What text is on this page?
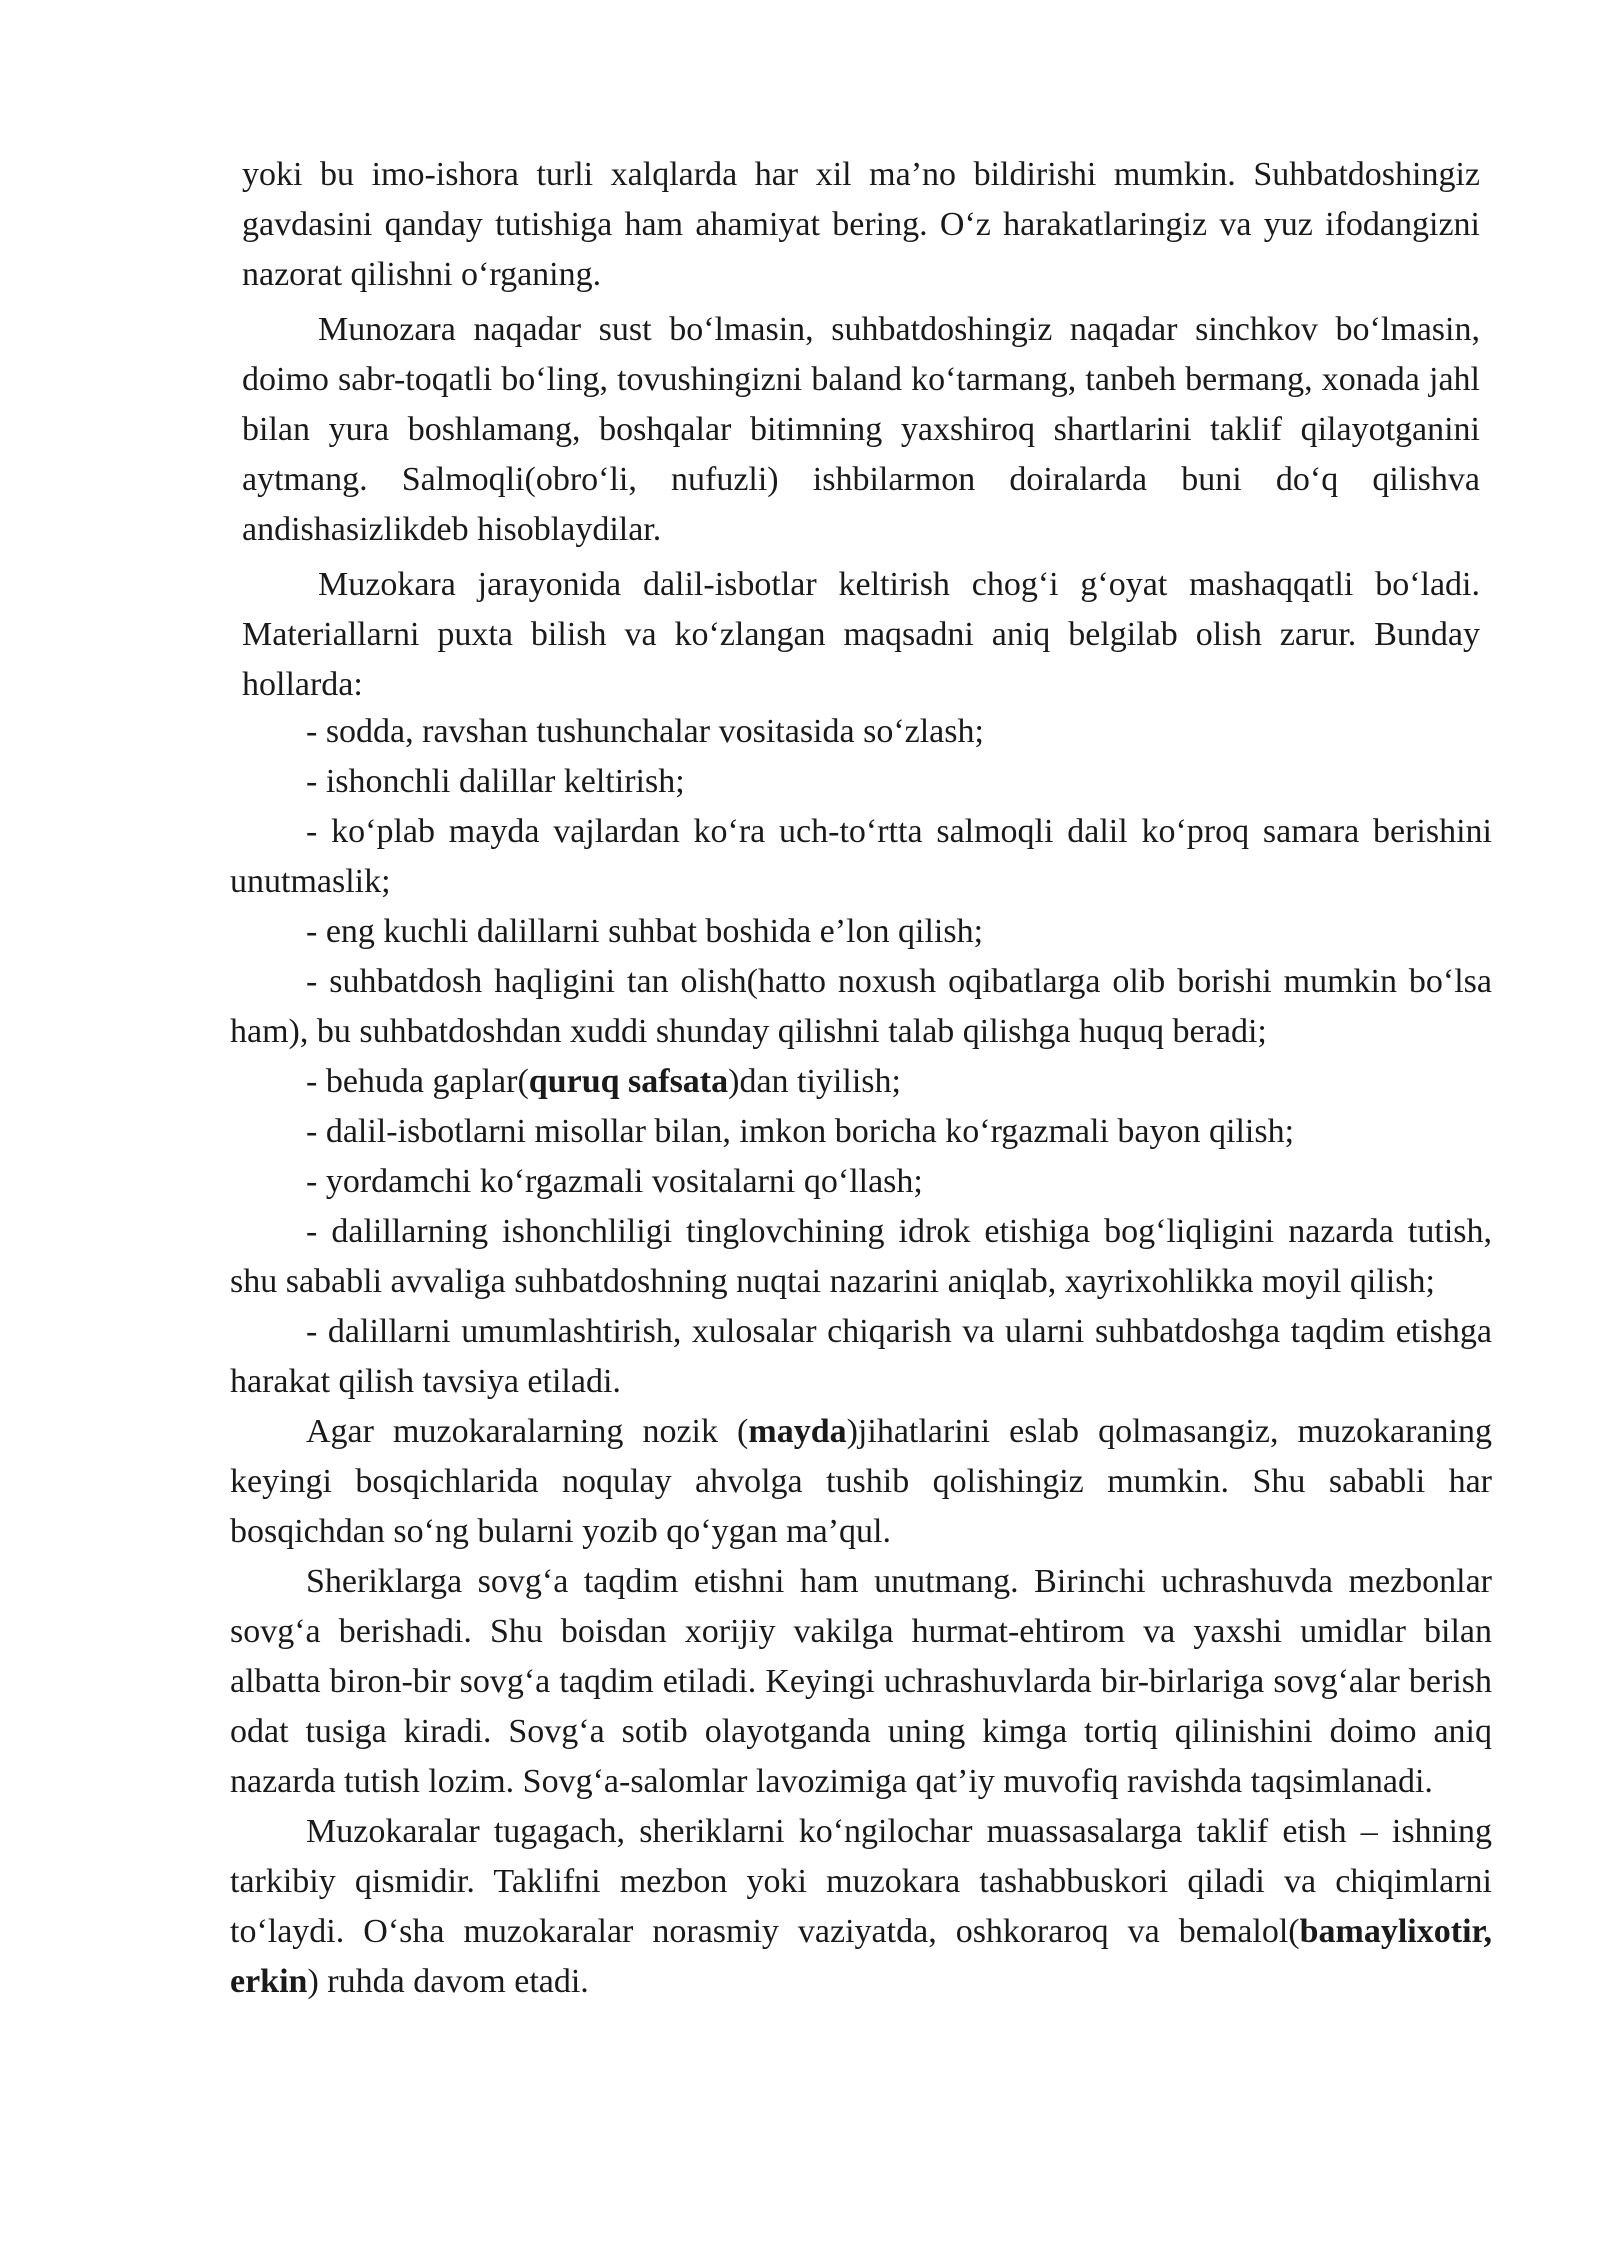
yoki bu imo-ishora turli xalqlarda har xil ma’no bildirishi mumkin. Suhbatdoshingiz gavdasini qanday tutishiga ham ahamiyat bering. O‘z harakatlaringiz va yuz ifodangizni nazorat qilishni o‘rganing.

Munozara naqadar sust bo‘lmasin, suhbatdoshingiz naqadar sinchkov bo‘lmasin, doimo sabr-toqatli bo‘ling, tovushingizni baland ko‘tarmang, tanbeh bermang, xonada jahl bilan yura boshlamang, boshqalar bitimning yaxshiroq shartlarini taklif qilayotganini aytmang. Salmoqli(obro‘li, nufuzli) ishbilarmon doiralarda buni do‘q qilishva andishasizlikdeb hisoblaydilar.

Muzokara jarayonida dalil-isbotlar keltirish chog‘i g‘oyat mashaqqatli bo‘ladi. Materiallarni puxta bilish va ko‘zlangan maqsadni aniq belgilab olish zarur. Bunday hollarda:

- sodda, ravshan tushunchalar vositasida so‘zlash;

- ishonchli dalillar keltirish;

- ko‘plab mayda vajlardan ko‘ra uch-to‘rtta salmoqli dalil ko‘proq samara berishini unutmaslik;

- eng kuchli dalillarni suhbat boshida e’lon qilish;

- suhbatdosh haqligini tan olish(hatto noxush oqibatlarga olib borishi mumkin bo‘lsa ham), bu suhbatdoshdan xuddi shunday qilishni talab qilishga huquq beradi;

- behuda gaplar(quruq safsata)dan tiyilish;

- dalil-isbotlarni misollar bilan, imkon boricha ko‘rgazmali bayon qilish;

- yordamchi ko‘rgazmali vositalarni qo‘llash;

- dalillarning ishonchliligi tinglovchining idrok etishiga bog‘liqligini nazarda tutish, shu sababli avvaliga suhbatdoshning nuqtai nazarini aniqlab, xayrixohlikka moyil qilish;

- dalillarni umumlashtirish, xulosalar chiqarish va ularni suhbatdoshga taqdim etishga harakat qilish tavsiya etiladi.

Agar muzokaralarning nozik (mayda)jihatlarini eslab qolmasangiz, muzokaraning keyingi bosqichlarida noqulay ahvolga tushib qolishingiz mumkin. Shu sababli har bosqichdan so‘ng bularni yozib qo‘ygan ma’qul.

Sheriklarga sovg‘a taqdim etishni ham unutmang. Birinchi uchrashuvda mezbonlar sovg‘a berishadi. Shu boisdan xorijiy vakilga hurmat-ehtirom va yaxshi umidlar bilan albatta biron-bir sovg‘a taqdim etiladi. Keyingi uchrashuvlarda bir-birlariga sovg‘alar berish odat tusiga kiradi. Sovg‘a sotib olayotganda uning kimga tortiq qilinishini doimo aniq nazarda tutish lozim. Sovg‘a-salomlar lavozimiga qat’iy muvofiq ravishda taqsimlanadi.

Muzokaralar tugagach, sheriklarni ko‘ngilochar muassasalarga taklif etish – ishning tarkibiy qismidir. Taklifni mezbon yoki muzokara tashabbuskori qiladi va chiqimlarni to‘laydi. O‘sha muzokaralar norasmiy vaziyatda, oshkoraroq va bemalol(bamaylixotir, erkin) ruhda davom etadi.
